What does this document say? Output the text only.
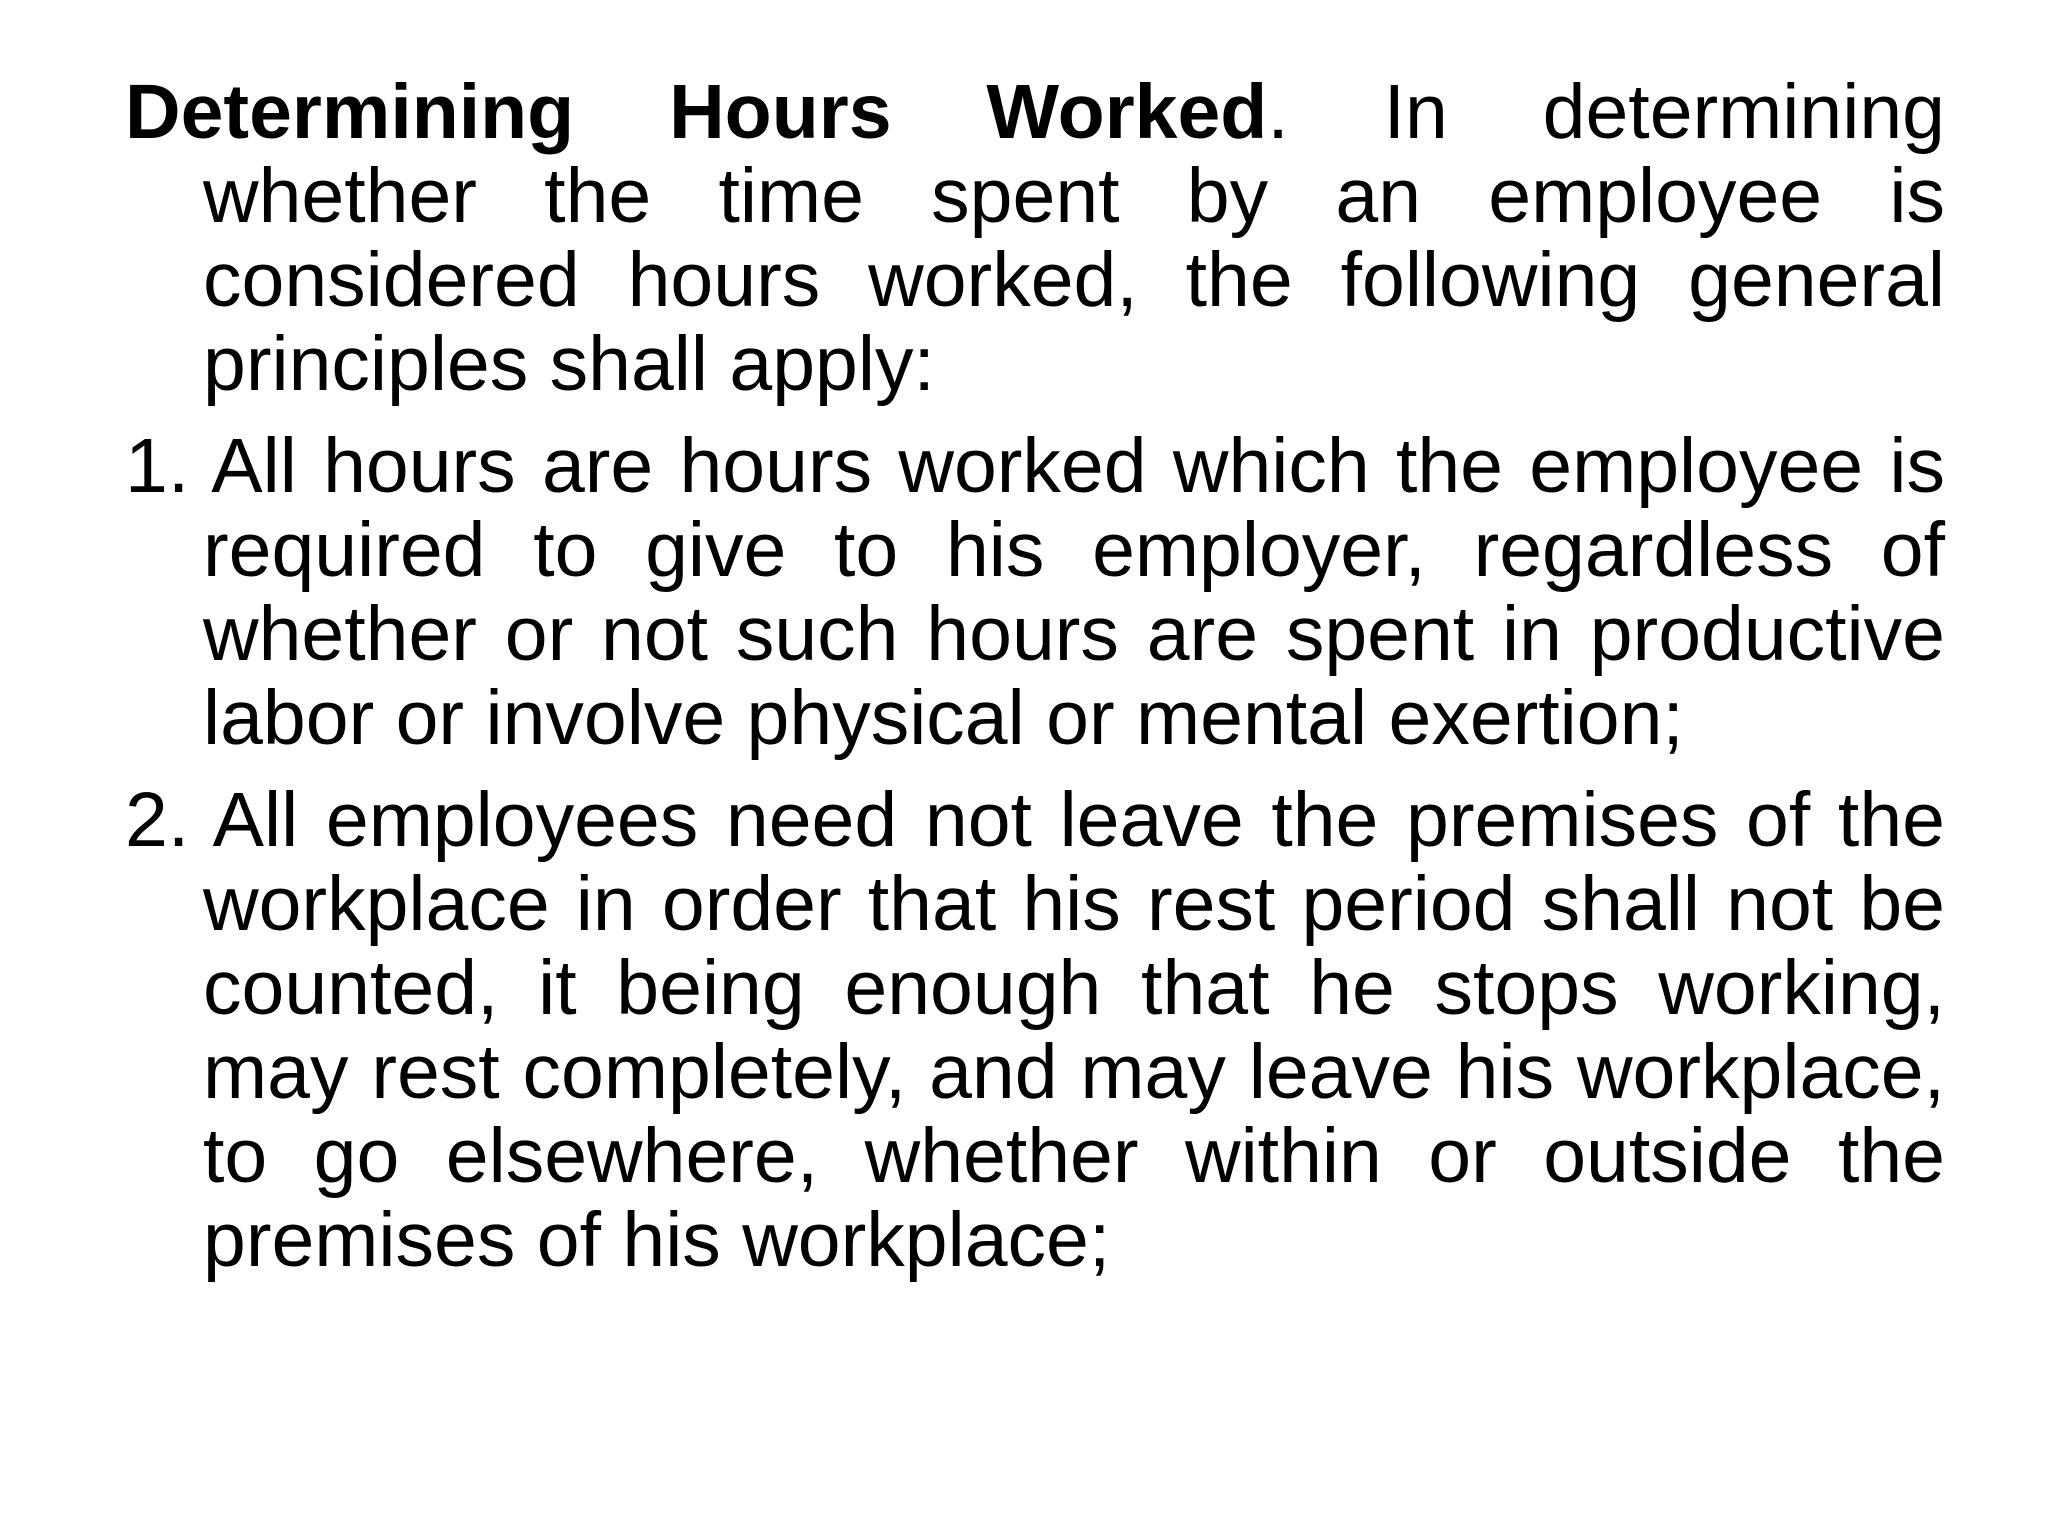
Determining Hours Worked. In determining whether the time spent by an employee is considered hours worked, the following general principles shall apply:

1. All hours are hours worked which the employee is required to give to his employer, regardless of whether or not such hours are spent in productive labor or involve physical or mental exertion;

2. All employees need not leave the premises of the workplace in order that his rest period shall not be counted, it being enough that he stops working, may rest completely, and may leave his workplace, to go elsewhere, whether within or outside the premises of his workplace;
